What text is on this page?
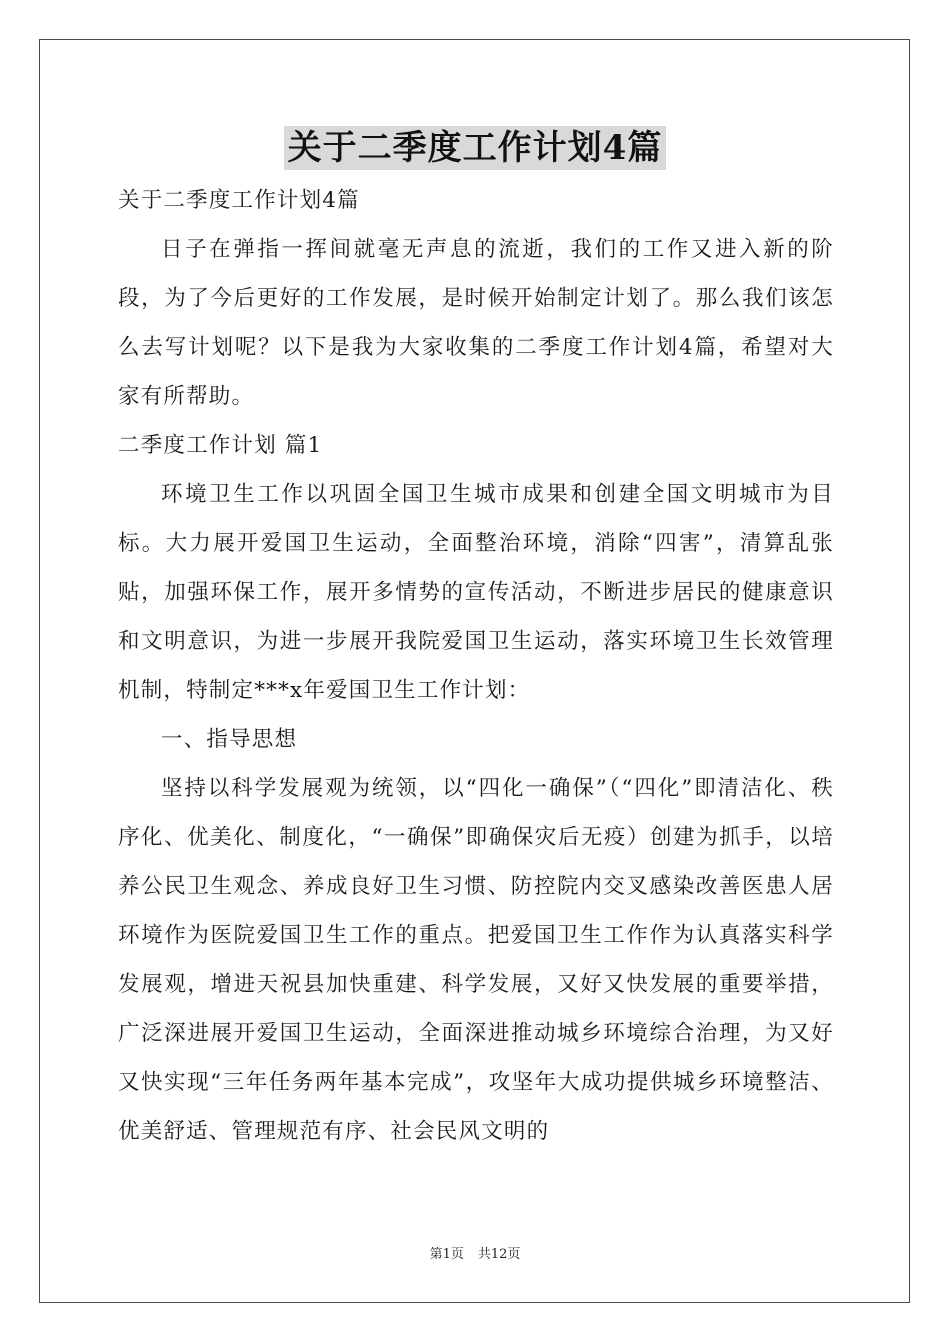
关于二季度工作计划4篇

关于二季度工作计划4篇

日子在弹指一挥间就毫无声息的流逝，我们的工作又进入新的阶段，为了今后更好的工作发展，是时候开始制定计划了。那么我们该怎么去写计划呢？以下是我为大家收集的二季度工作计划4篇，希望对大家有所帮助。

二季度工作计划 篇1

环境卫生工作以巩固全国卫生城市成果和创建全国文明城市为目标。大力展开爱国卫生运动，全面整治环境，消除“四害”，清算乱张贴，加强环保工作，展开多情势的宣传活动，不断进步居民的健康意识和文明意识，为进一步展开我院爱国卫生运动，落实环境卫生长效管理机制，特制定***x年爱国卫生工作计划：

一、指导思想

坚持以科学发展观为统领，以“四化一确保”（“四化”即清洁化、秩序化、优美化、制度化，“一确保”即确保灾后无疫）创建为抓手，以培养公民卫生观念、养成良好卫生习惯、防控院内交叉感染改善医患人居环境作为医院爱国卫生工作的重点。把爱国卫生工作作为认真落实科学发展观，增进天祝县加快重建、科学发展，又好又快发展的重要举措，广泛深进展开爱国卫生运动，全面深进推动城乡环境综合治理，为又好又快实现“三年任务两年基本完成”，攻坚年大成功提供城乡环境整洁、优美舒适、管理规范有序、社会民风文明的

第1页 共12页
